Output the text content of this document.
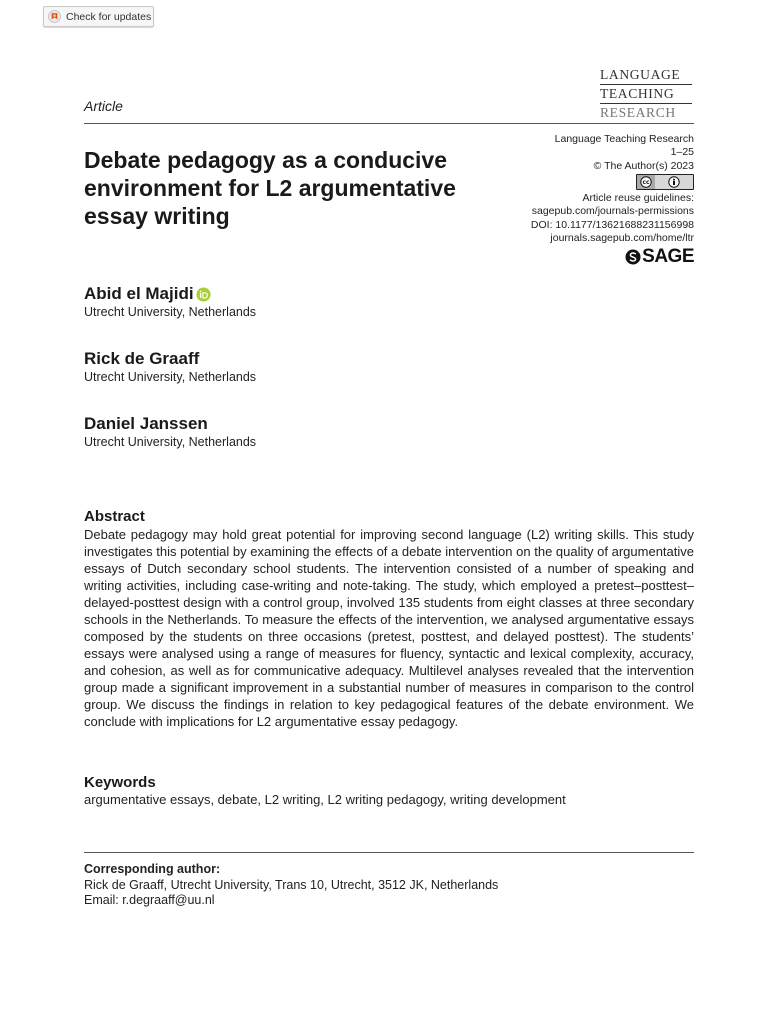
Check for updates
LANGUAGE
TEACHING
RESEARCH
Article
Debate pedagogy as a conducive environment for L2 argumentative essay writing
Language Teaching Research
1–25
© The Author(s) 2023
cc
Article reuse guidelines:
sagepub.com/journals-permissions
DOI: 10.1177/13621688231156998
journals.sagepub.com/home/ltr
SAGE
Abid el Majidi
Utrecht University, Netherlands
Rick de Graaff
Utrecht University, Netherlands
Daniel Janssen
Utrecht University, Netherlands
Abstract

Debate pedagogy may hold great potential for improving second language (L2) writing skills. This study investigates this potential by examining the effects of a debate intervention on the quality of argumentative essays of Dutch secondary school students. The intervention consisted of a number of speaking and writing activities, including case-writing and note-taking. The study, which employed a pretest–posttest–delayed-posttest design with a control group, involved 135 students from eight classes at three secondary schools in the Netherlands. To measure the effects of the intervention, we analysed argumentative essays composed by the students on three occasions (pretest, posttest, and delayed posttest). The students’ essays were analysed using a range of measures for fluency, syntactic and lexical complexity, accuracy, and cohesion, as well as for communicative adequacy. Multilevel analyses revealed that the intervention group made a significant improvement in a substantial number of measures in comparison to the control group. We discuss the findings in relation to key pedagogical features of the debate environment. We conclude with implications for L2 argumentative essay pedagogy.

Keywords
argumentative essays, debate, L2 writing, L2 writing pedagogy, writing development
Corresponding author:
Rick de Graaff, Utrecht University, Trans 10, Utrecht, 3512 JK, Netherlands
Email: r.degraaff@uu.nl
